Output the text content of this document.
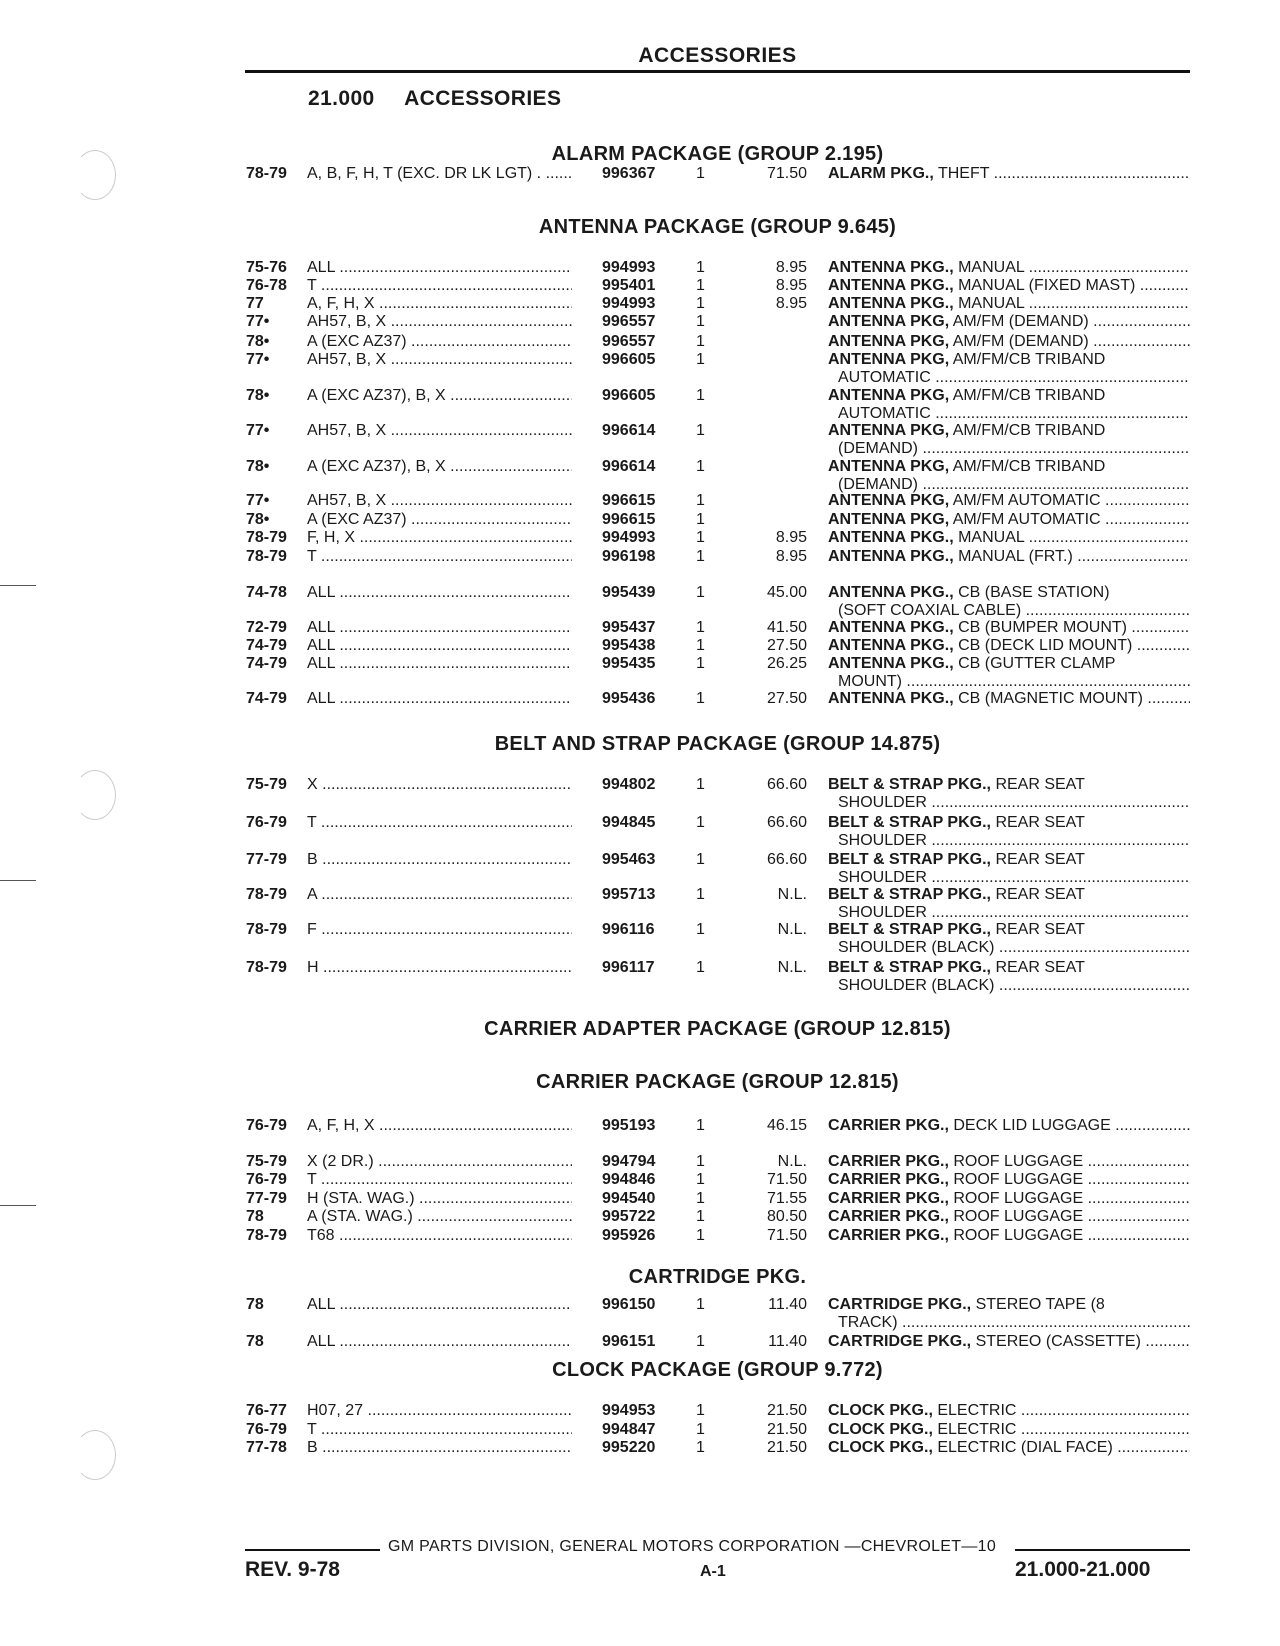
ACCESSORIES
21.000 ACCESSORIES
ALARM PACKAGE (GROUP 2.195)
78-79 A, B, F, H, T (EXC. DR LK LGT) . .....	996367	1	71.50 ALARM PKG., THEFT .....
ANTENNA PACKAGE (GROUP 9.645)
75-76 ALL .....	994993	1	8.95 ANTENNA PKG., MANUAL .....
76-78 T .....	995401	1	8.95 ANTENNA PKG., MANUAL (FIXED MAST) .....
77	A, F, H, X .....	994993	1	8.95 ANTENNA PKG., MANUAL .....
77• AH57, B, X .....	996557	1	ANTENNA PKG, AM/FM (DEMAND) .....
78• A (EXC AZ37) .....	996557	1	ANTENNA PKG, AM/FM (DEMAND) .....
77• AH57, B, X .....	996605	1	ANTENNA PKG, AM/FM/CB TRIBAND
AUTOMATIC .....
78• A (EXC AZ37), B, X .....	996605	1	ANTENNA PKG, AM/FM/CB TRIBAND
AUTOMATIC .....
77• AH57, B, X .....	996614	1	ANTENNA PKG, AM/FM/CB TRIBAND
(DEMAND) .....
78• A (EXC AZ37), B, X .....	996614	1	ANTENNA PKG, AM/FM/CB TRIBAND
(DEMAND) .....
77• AH57, B, X .....	996615	1	ANTENNA PKG, AM/FM AUTOMATIC .....
78• A (EXC AZ37) .....	996615	1	ANTENNA PKG, AM/FM AUTOMATIC .....
78-79 F, H, X .....	994993	1	8.95 ANTENNA PKG., MANUAL .....
78-79 T .....	996198	1	8.95 ANTENNA PKG., MANUAL (FRT.) .....
74-78 ALL .....	995439	1	45.00 ANTENNA PKG., CB (BASE STATION)
(SOFT COAXIAL CABLE) .....
72-79 ALL .....	995437	1	41.50 ANTENNA PKG., CB (BUMPER MOUNT) .....
74-79 ALL .....	995438	1	27.50 ANTENNA PKG., CB (DECK LID MOUNT) .....
74-79 ALL .....	995435	1	26.25 ANTENNA PKG., CB (GUTTER CLAMP
MOUNT) .....
74-79 ALL .....	995436	1	27.50 ANTENNA PKG., CB (MAGNETIC MOUNT) .....
BELT AND STRAP PACKAGE (GROUP 14.875)
75-79 X .....	994802	1	66.60 BELT & STRAP PKG., REAR SEAT
SHOULDER .....
76-79 T .....	994845	1	66.60 BELT & STRAP PKG., REAR SEAT
SHOULDER .....
77-79 B .....	995463	1	66.60 BELT & STRAP PKG., REAR SEAT
SHOULDER .....
78-79 A .....	995713	1	N.L. BELT & STRAP PKG., REAR SEAT
SHOULDER .....
78-79 F .....	996116	1	N.L. BELT & STRAP PKG., REAR SEAT
SHOULDER (BLACK) .....
78-79 H .....	996117	1	N.L. BELT & STRAP PKG., REAR SEAT
SHOULDER (BLACK) .....
CARRIER ADAPTER PACKAGE (GROUP 12.815)
CARRIER PACKAGE (GROUP 12.815)
76-79 A, F, H, X .....	995193	1	46.15 CARRIER PKG., DECK LID LUGGAGE .....
75-79 X (2 DR.) .....	994794	1	N.L. CARRIER PKG., ROOF LUGGAGE .....
76-79 T .....	994846	1	71.50 CARRIER PKG., ROOF LUGGAGE .....
77-79 H (STA. WAG.) .....	994540	1	71.55 CARRIER PKG., ROOF LUGGAGE .....
78	A (STA. WAG.) .....	995722	1	80.50 CARRIER PKG., ROOF LUGGAGE .....
78-79 T68 .....	995926	1	71.50 CARRIER PKG., ROOF LUGGAGE .....
CARTRIDGE PKG.
78	ALL .....	996150	1	11.40 CARTRIDGE PKG., STEREO TAPE (8
TRACK) .....
78	ALL .....	996151	1	11.40 CARTRIDGE PKG., STEREO (CASSETTE) .....
CLOCK PACKAGE (GROUP 9.772)
76-77 H07, 27 .....	994953	1	21.50 CLOCK PKG., ELECTRIC .....
76-79 T .....	994847	1	21.50 CLOCK PKG., ELECTRIC .....
77-78 B .....	995220	1	21.50 CLOCK PKG., ELECTRIC (DIAL FACE) .....
GM PARTS DIVISION, GENERAL MOTORS CORPORATION —CHEVROLET—10
REV. 9-78	A-1	21.000-21.000
